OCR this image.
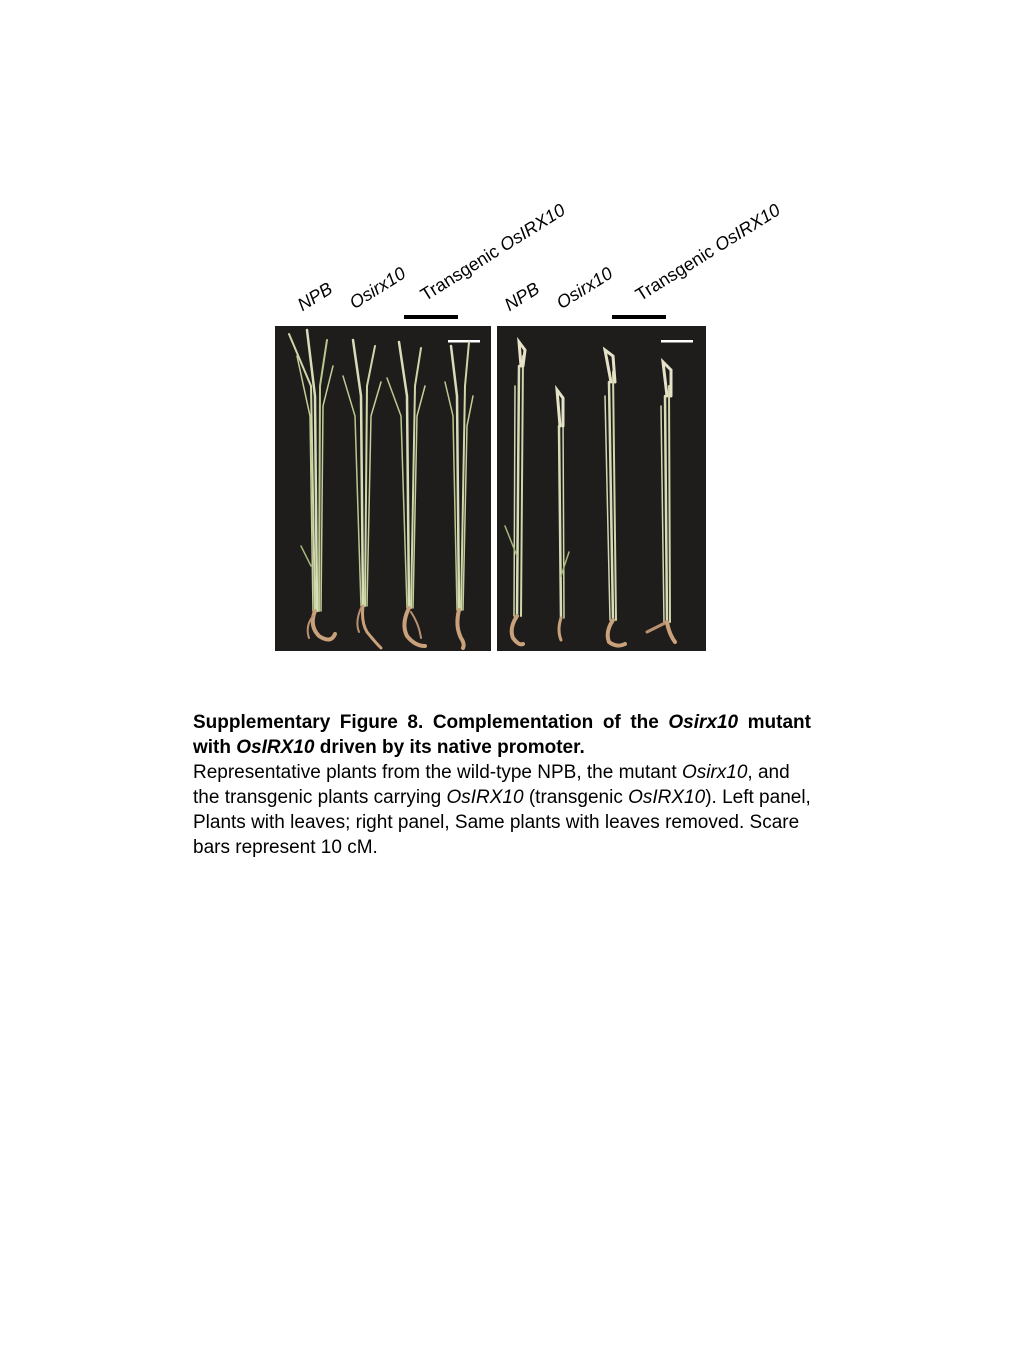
NPB Osirx10 Transgenic OsIRX10
NPB Osirx10 Transgenic OsIRX10
Supplementary Figure 8. Complementation of the Osirx10 mutant with OsIRX10 driven by its native promoter.
Representative plants from the wild-type NPB, the mutant Osirx10, and the transgenic plants carrying OsIRX10 (transgenic OsIRX10). Left panel, Plants with leaves; right panel, Same plants with leaves removed. Scare bars represent 10 cM.
